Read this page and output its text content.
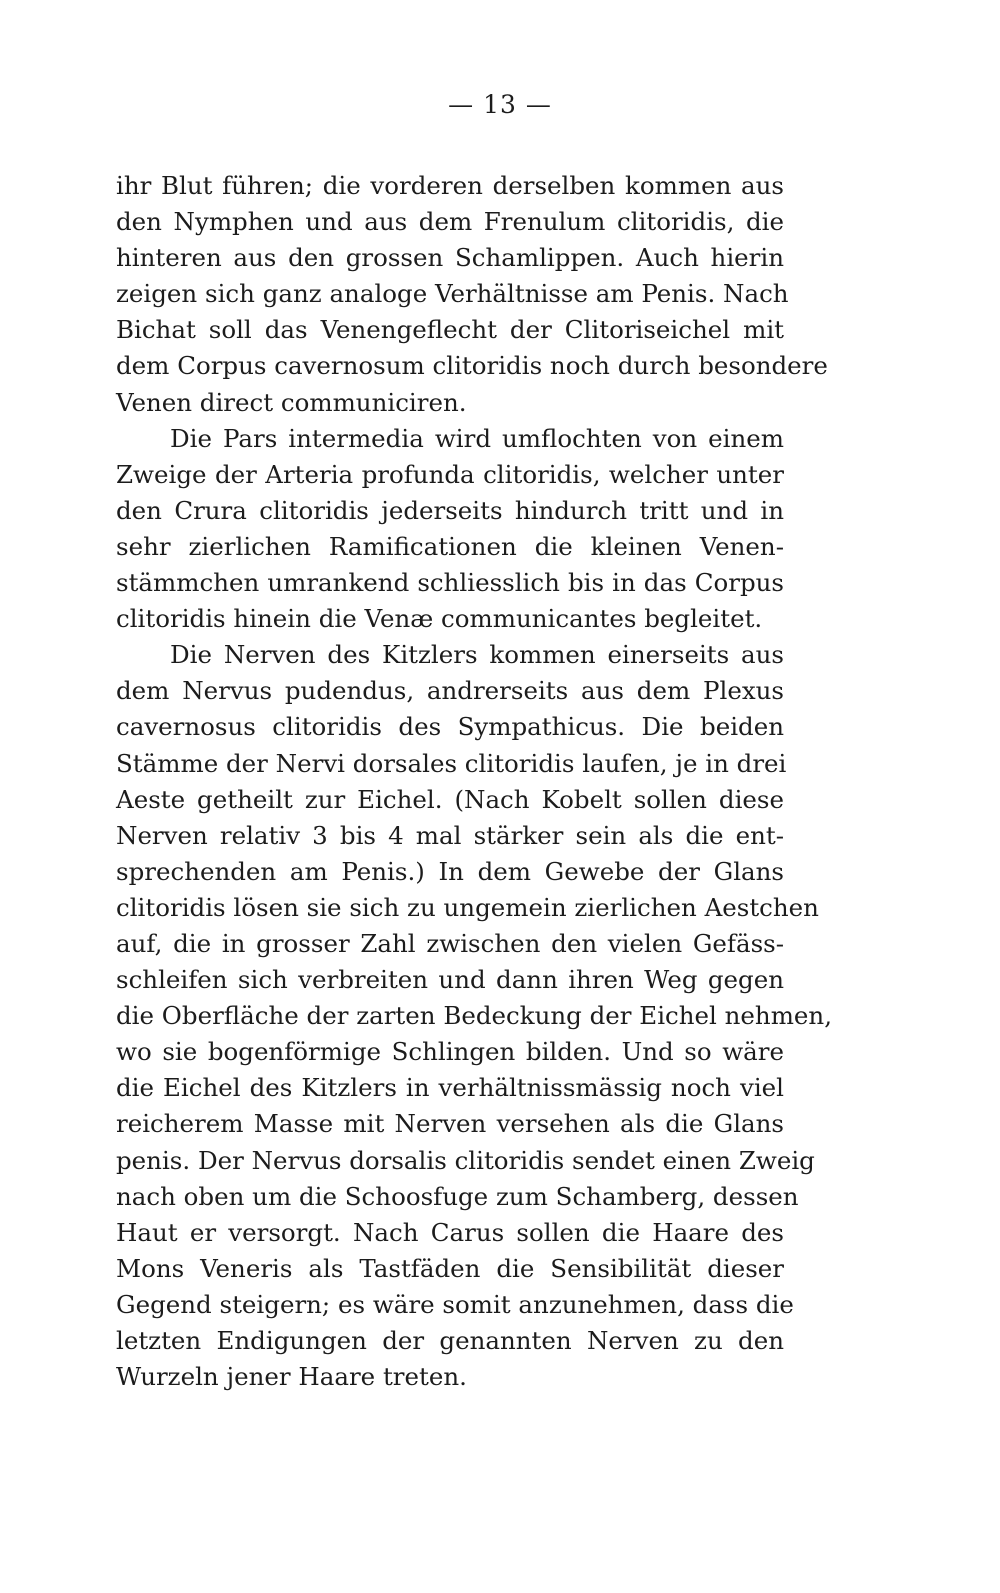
— 13 —
ihr Blut führen; die vorderen derselben kommen aus
den Nymphen und aus dem Frenulum clitoridis, die
hinteren aus den grossen Schamlippen. Auch hierin
zeigen sich ganz analoge Verhältnisse am Penis. Nach
Bichat soll das Venengeflecht der Clitoriseichel mit
dem Corpus cavernosum clitoridis noch durch besondere
Venen direct communiciren.
Die Pars intermedia wird umflochten von einem
Zweige der Arteria profunda clitoridis, welcher unter
den Crura clitoridis jederseits hindurch tritt und in
sehr zierlichen Ramificationen die kleinen Venen-
stämmchen umrankend schliesslich bis in das Corpus
clitoridis hinein die Venæ communicantes begleitet.
Die Nerven des Kitzlers kommen einerseits aus
dem Nervus pudendus, andrerseits aus dem Plexus
cavernosus clitoridis des Sympathicus. Die beiden
Stämme der Nervi dorsales clitoridis laufen, je in drei
Aeste getheilt zur Eichel. (Nach Kobelt sollen diese
Nerven relativ 3 bis 4 mal stärker sein als die ent-
sprechenden am Penis.) In dem Gewebe der Glans
clitoridis lösen sie sich zu ungemein zierlichen Aestchen
auf, die in grosser Zahl zwischen den vielen Gefäss-
schleifen sich verbreiten und dann ihren Weg gegen
die Oberfläche der zarten Bedeckung der Eichel nehmen,
wo sie bogenförmige Schlingen bilden. Und so wäre
die Eichel des Kitzlers in verhältnissmässig noch viel
reicherem Masse mit Nerven versehen als die Glans
penis. Der Nervus dorsalis clitoridis sendet einen Zweig
nach oben um die Schoosfuge zum Schamberg, dessen
Haut er versorgt. Nach Carus sollen die Haare des
Mons Veneris als Tastfäden die Sensibilität dieser
Gegend steigern; es wäre somit anzunehmen, dass die
letzten Endigungen der genannten Nerven zu den
Wurzeln jener Haare treten.
